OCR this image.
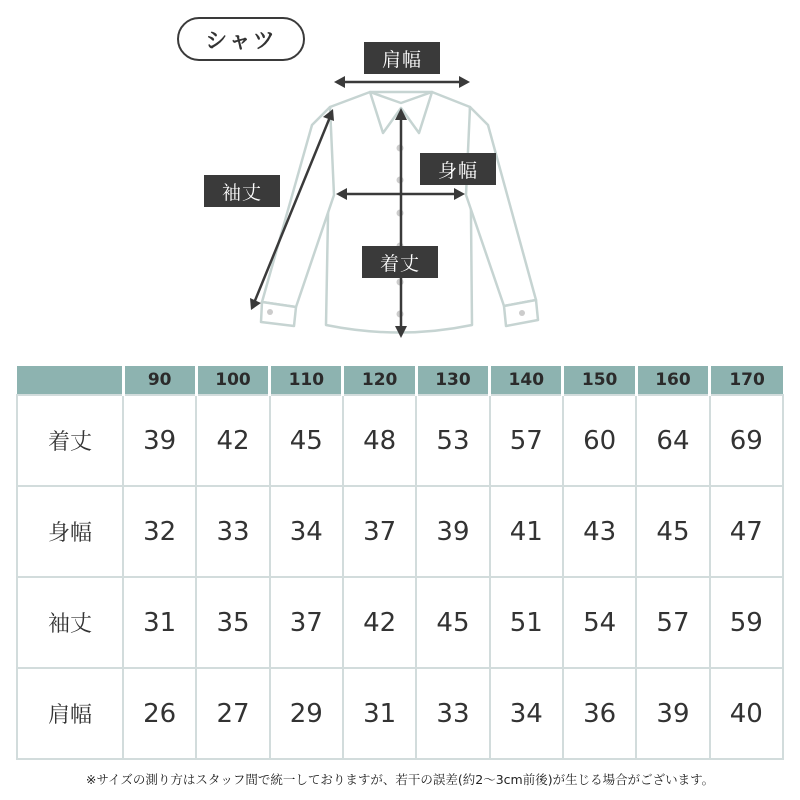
シャツ
肩幅
身幅
袖丈
着丈
	90	100	110	120	130	140	150	160	170
着丈	39	42	45	48	53	57	60	64	69
身幅	32	33	34	37	39	41	43	45	47
袖丈	31	35	37	42	45	51	54	57	59
肩幅	26	27	29	31	33	34	36	39	40
※サイズの測り方はスタッフ間で統一しておりますが、若干の誤差(約2〜3cm前後)が生じる場合がございます。
